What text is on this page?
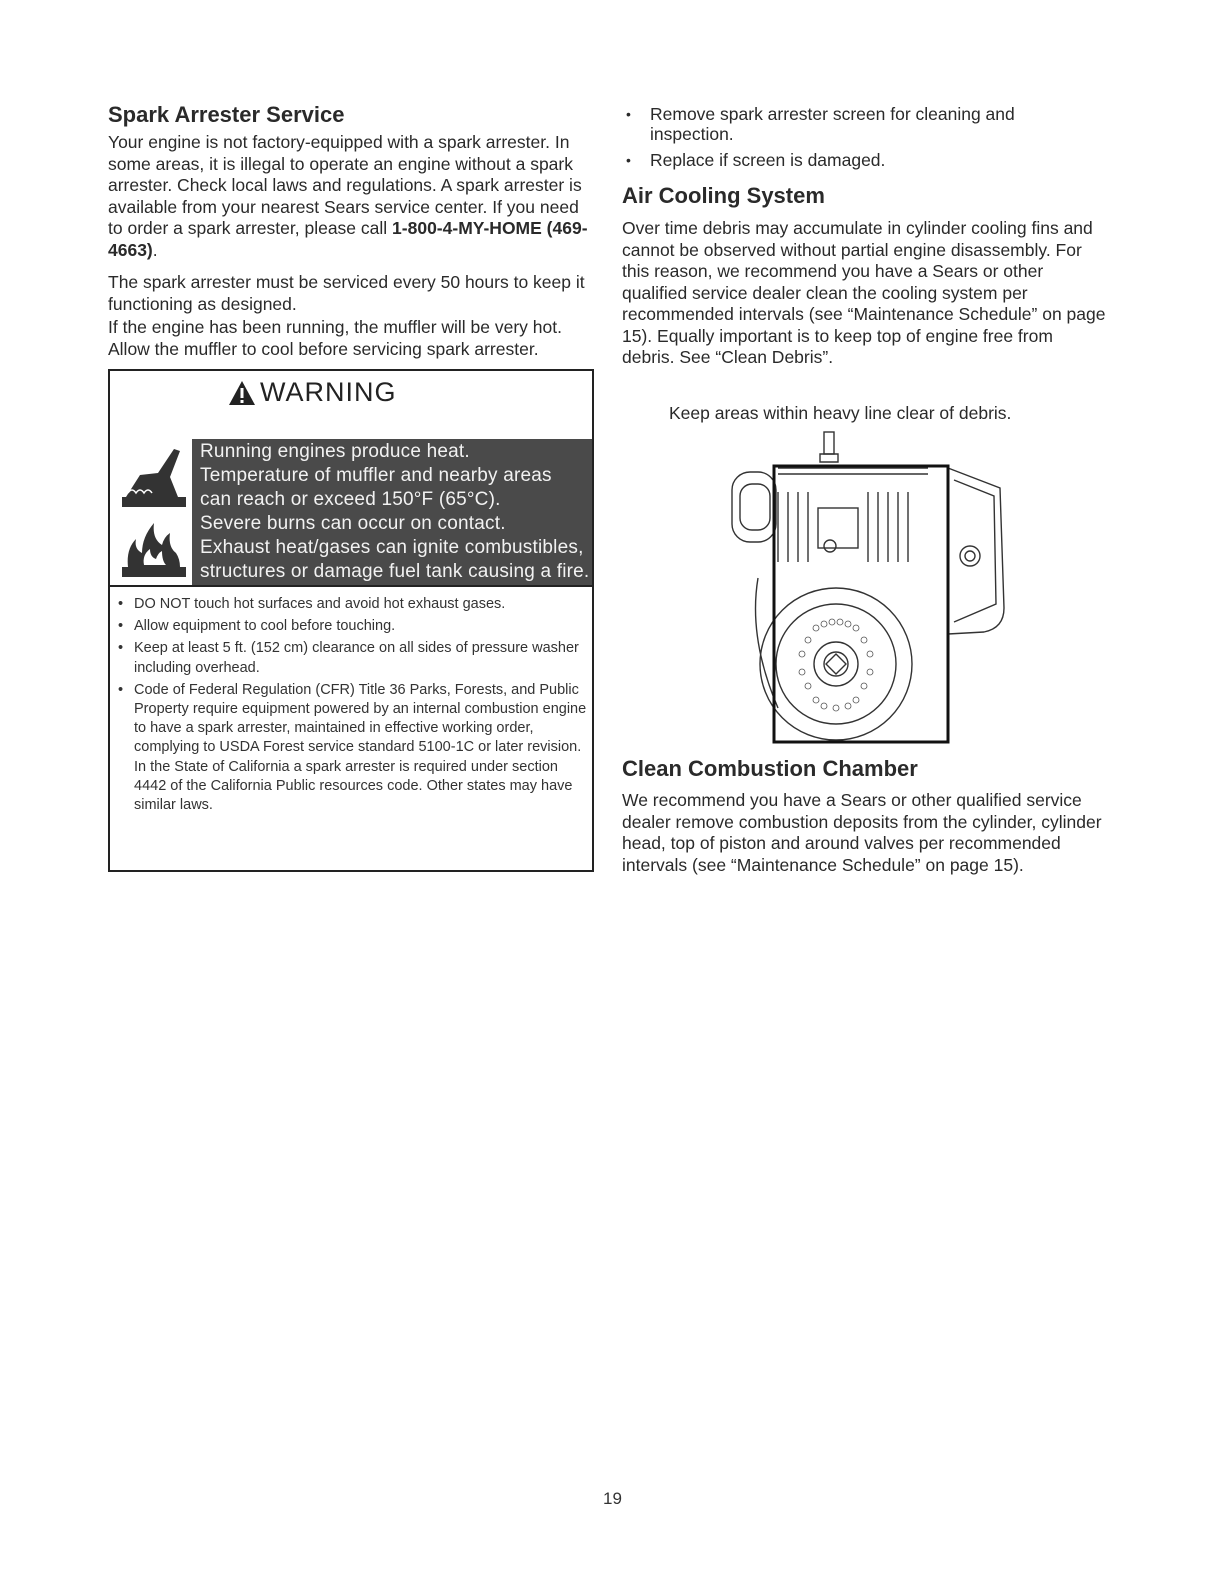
Spark Arrester Service

Your engine is not factory-equipped with a spark arrester. In some areas, it is illegal to operate an engine without a spark arrester. Check local laws and regulations. A spark arrester is available from your nearest Sears service center. If you need to order a spark arrester, please call 1-800-4-MY-HOME (469-4663).

The spark arrester must be serviced every 50 hours to keep it functioning as designed.

If the engine has been running, the muffler will be very hot. Allow the muffler to cool before servicing spark arrester.

WARNING
Running engines produce heat.
Temperature of muffler and nearby areas
can reach or exceed 150°F (65°C).
Severe burns can occur on contact.
Exhaust heat/gases can ignite combustibles,
structures or damage fuel tank causing a fire.
• DO NOT touch hot surfaces and avoid hot exhaust gases.
• Allow equipment to cool before touching.
• Keep at least 5 ft. (152 cm) clearance on all sides of pressure washer including overhead.
• Code of Federal Regulation (CFR) Title 36 Parks, Forests, and Public Property require equipment powered by an internal combustion engine to have a spark arrester, maintained in effective working order, complying to USDA Forest service standard 5100-1C or later revision. In the State of California a spark arrester is required under section 4442 of the California Public resources code. Other states may have similar laws.
• Remove spark arrester screen for cleaning and inspection.
• Replace if screen is damaged.
Air Cooling System

Over time debris may accumulate in cylinder cooling fins and cannot be observed without partial engine disassembly. For this reason, we recommend you have a Sears or other qualified service dealer clean the cooling system per recommended intervals (see “Maintenance Schedule” on page 15). Equally important is to keep top of engine free from debris. See “Clean Debris”.

Keep areas within heavy line clear of debris.

Clean Combustion Chamber

We recommend you have a Sears or other qualified service dealer remove combustion deposits from the cylinder, cylinder head, top of piston and around valves per recommended intervals (see “Maintenance Schedule” on page 15).

19
